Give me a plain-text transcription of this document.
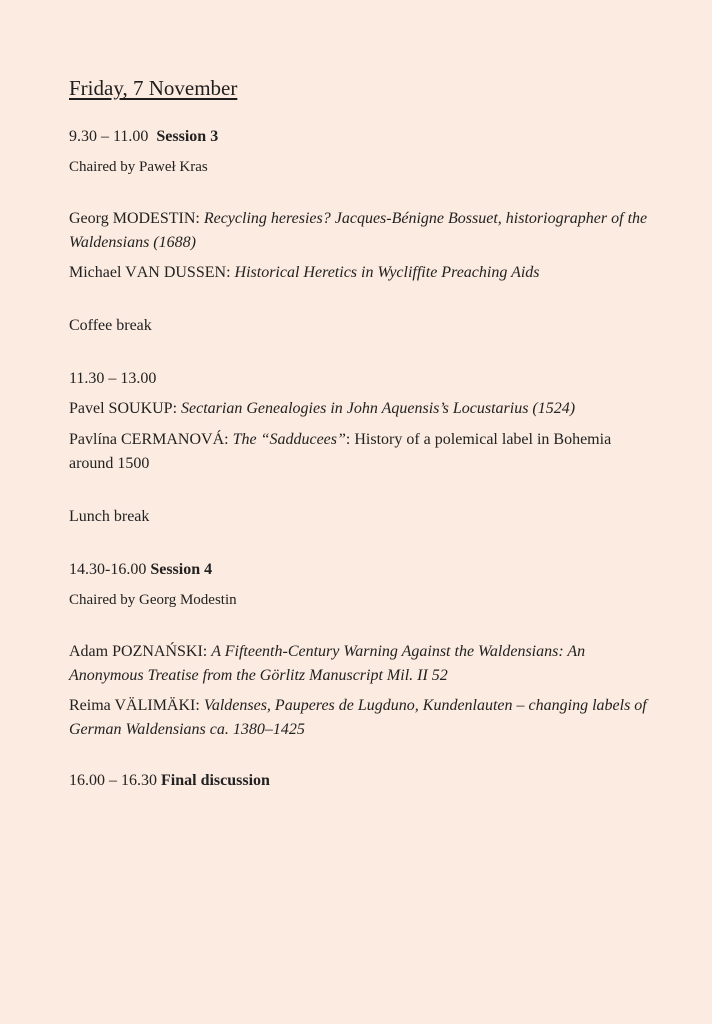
Friday, 7 November
9.30 – 11.00 Session 3
Chaired by Paweł Kras
Georg MODESTIN: Recycling heresies? Jacques-Bénigne Bossuet, historiographer of the Waldensians (1688)
Michael VAN DUSSEN: Historical Heretics in Wycliffite Preaching Aids
Coffee break
11.30 – 13.00
Pavel SOUKUP: Sectarian Genealogies in John Aquensis’s Locustarius (1524)
Pavlína CERMANOVÁ: The “Sadducees”: History of a polemical label in Bohemia around 1500
Lunch break
14.30-16.00 Session 4
Chaired by Georg Modestin
Adam POZNAŃSKI: A Fifteenth-Century Warning Against the Waldensians: An Anonymous Treatise from the Görlitz Manuscript Mil. II 52
Reima VÄLIMÄKI: Valdenses, Pauperes de Lugduno, Kundenlauten – changing labels of German Waldensians ca. 1380–1425
16.00 – 16.30 Final discussion
